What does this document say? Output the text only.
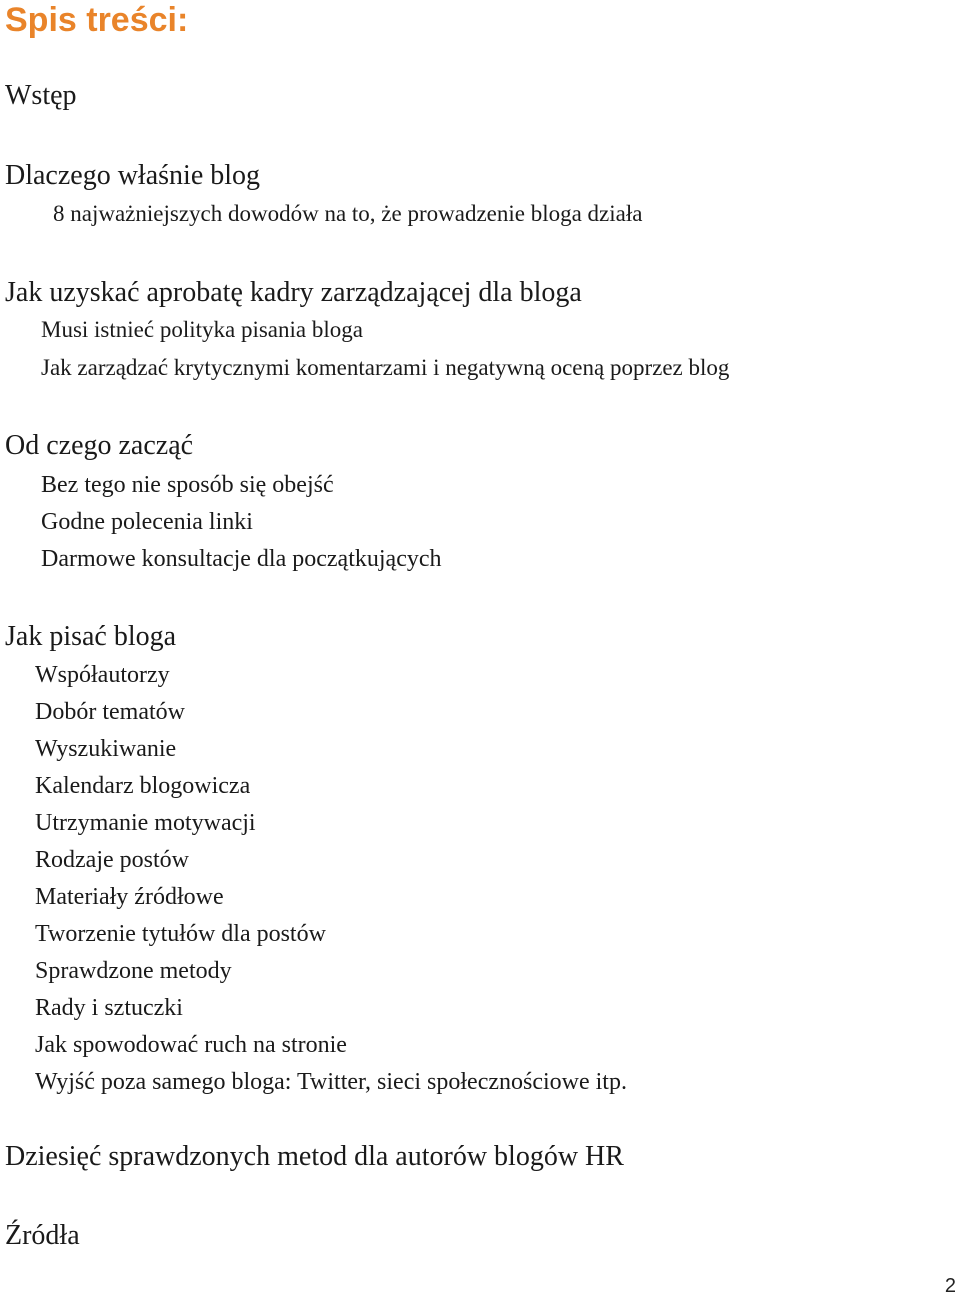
Spis treści:
Wstęp
Dlaczego właśnie blog
8 najważniejszych dowodów na to, że prowadzenie bloga działa
Jak uzyskać aprobatę kadry zarządzającej dla bloga
Musi istnieć polityka pisania bloga
Jak zarządzać krytycznymi komentarzami i negatywną oceną poprzez blog
Od czego zacząć
Bez tego nie sposób się obejść
Godne polecenia linki
Darmowe konsultacje dla początkujących
Jak pisać bloga
Współautorzy
Dobór tematów
Wyszukiwanie
Kalendarz blogowicza
Utrzymanie motywacji
Rodzaje postów
Materiały źródłowe
Tworzenie tytułów dla postów
Sprawdzone metody
Rady i sztuczki
Jak spowodować ruch na stronie
Wyjść poza samego bloga: Twitter, sieci społecznościowe itp.
Dziesięć sprawdzonych metod dla autorów blogów HR
Źródła
2
